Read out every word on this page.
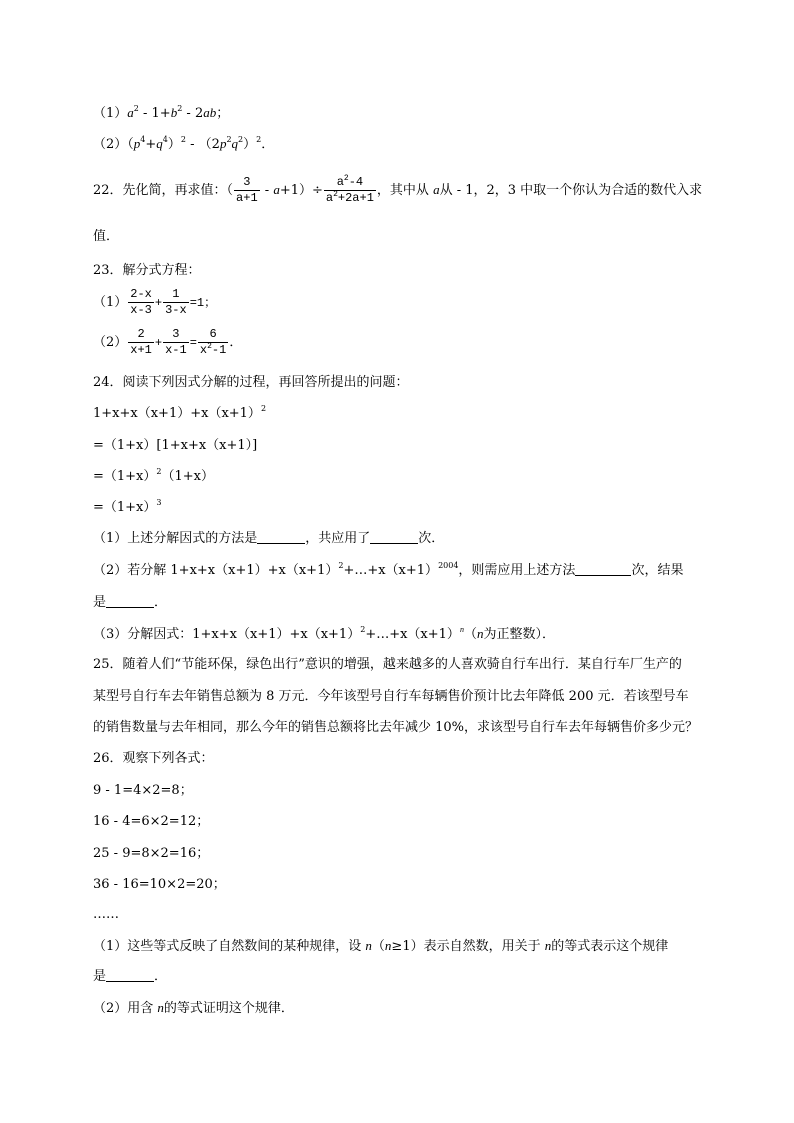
$(1)a^2 - 1+b^2 - 2ab$；
$(2)(p^4+q^4)^2 - (2p^2q^2)^2$．
22．先化简，再求值：（ $\frac{3}{a+1} - a+1)\div \frac{a^2-4}{a^2+2a+1}$ ，其中从 a从 - 1，2，3 中取一个你认为合适的数代入求
值．
23．解分式方程：
$(1) \frac{2-x}{x-3} + \frac{1}{3-x} =1$；
$(2) \frac{2}{x+1} + \frac{3}{x-1} = \frac{6}{x^2-1}$ ．
24．阅读下列因式分解的过程，再回答所提出的问题：
$1+x+x(x+1)+x(x+1)^2$
=（1+x）[1+x+x（x+1）]
$=(1+x)^2(1+x)$
$=(1+x)^3$
（1）上述分解因式的方法是	，共应用了	次．
（2）若分解 $1+x+x(x+1)+x(x+1)^2+\dots+x(x+1)^{2004}$，则需应用上述方法	次，结果
是	．
（3）分解因式：$1+x+x(x+1)+x(x+1)^2+\dots+x(x+1)^n(n$为正整数）．
25．随着人们“节能环保，绿色出行”意识的增强，越来越多的人喜欢骑自行车出行．某自行车厂生产的
某型号自行车去年销售总额为 8 万元．今年该型号自行车每辆售价预计比去年降低 200 元．若该型号车
的销售数量与去年相同，那么今年的销售总额将比去年减少 10%，求该型号自行车去年每辆售价多少元？
26．观察下列各式：
9 - 1=4×2=8；
16 - 4=6×2=12；
25 - 9=8×2=16；
36 - 16=10×2=20；
……
（1）这些等式反映了自然数间的某种规律，设 n（n≥1）表示自然数，用关于 n的等式表示这个规律
是	．
（2）用含 n的等式证明这个规律．
